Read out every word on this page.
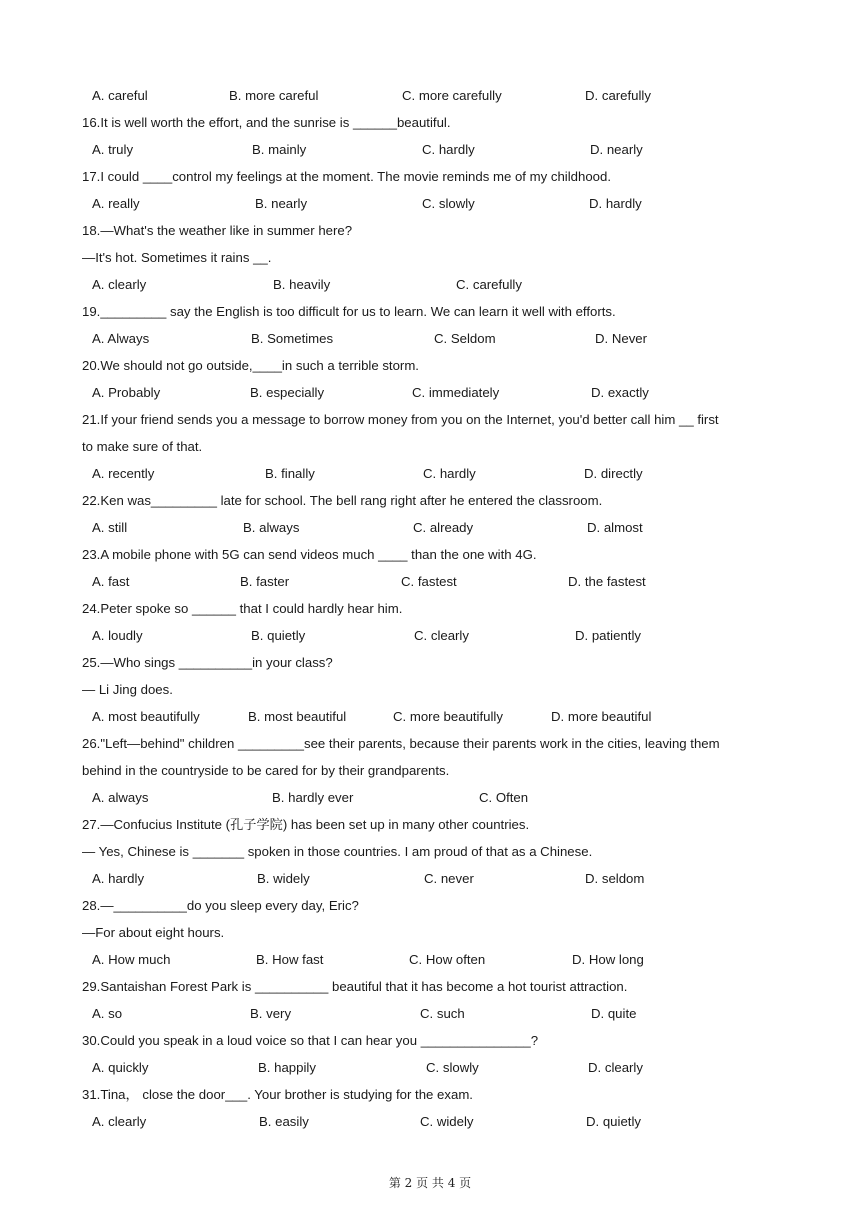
A. careful	B. more careful	C. more carefully	D. carefully
16.It is well worth the effort, and the sunrise is ______beautiful.
A. truly	B. mainly	C. hardly	D. nearly
17.I could ____control my feelings at the moment. The movie reminds me of my childhood.
A. really	B. nearly	C. slowly	D. hardly
18.—What's the weather like in summer here?
—It's hot. Sometimes it rains __.
A. clearly	B. heavily	C. carefully
19._________ say the English is too difficult for us to learn. We can learn it well with efforts.
A. Always	B. Sometimes	C. Seldom	D. Never
20.We should not go outside,____in such a terrible storm.
A. Probably	B. especially	C. immediately	D. exactly
21.If your friend sends you a message to borrow money from you on the Internet, you'd better call him __ first
to make sure of that.
A. recently	B. finally	C. hardly	D. directly
22.Ken was_________ late for school. The bell rang right after he entered the classroom.
A. still	B. always	C. already	D. almost
23.A mobile phone with 5G can send videos much ____ than the one with 4G.
A. fast	B. faster	C. fastest	D. the fastest
24.Peter spoke so ______ that I could hardly hear him.
A. loudly	B. quietly	C. clearly	D. patiently
25.—Who sings __________in your class?
— Li Jing does.
A. most beautifully	B. most beautiful	C. more beautifully	D. more beautiful
26."Left—behind" children _________see their parents, because their parents work in the cities, leaving them
behind in the countryside to be cared for by their grandparents.
A. always	B. hardly ever	C. Often
27.—Confucius Institute (孔子学院) has been set up in many other countries.
— Yes, Chinese is _______ spoken in those countries. I am proud of that as a Chinese.
A. hardly	B. widely	C. never	D. seldom
28.—__________do you sleep every day, Eric?
—For about eight hours.
A. How much	B. How fast	C. How often	D. How long
29.Santaishan Forest Park is __________ beautiful that it has become a hot tourist attraction.
A. so	B. very	C. such	D. quite
30.Could you speak in a loud voice so that I can hear you _______________?
A. quickly	B. happily	C. slowly	D. clearly
31.Tina， close the door___. Your brother is studying for the exam.
A. clearly	B. easily	C. widely	D. quietly
第 2 页 共 4 页
